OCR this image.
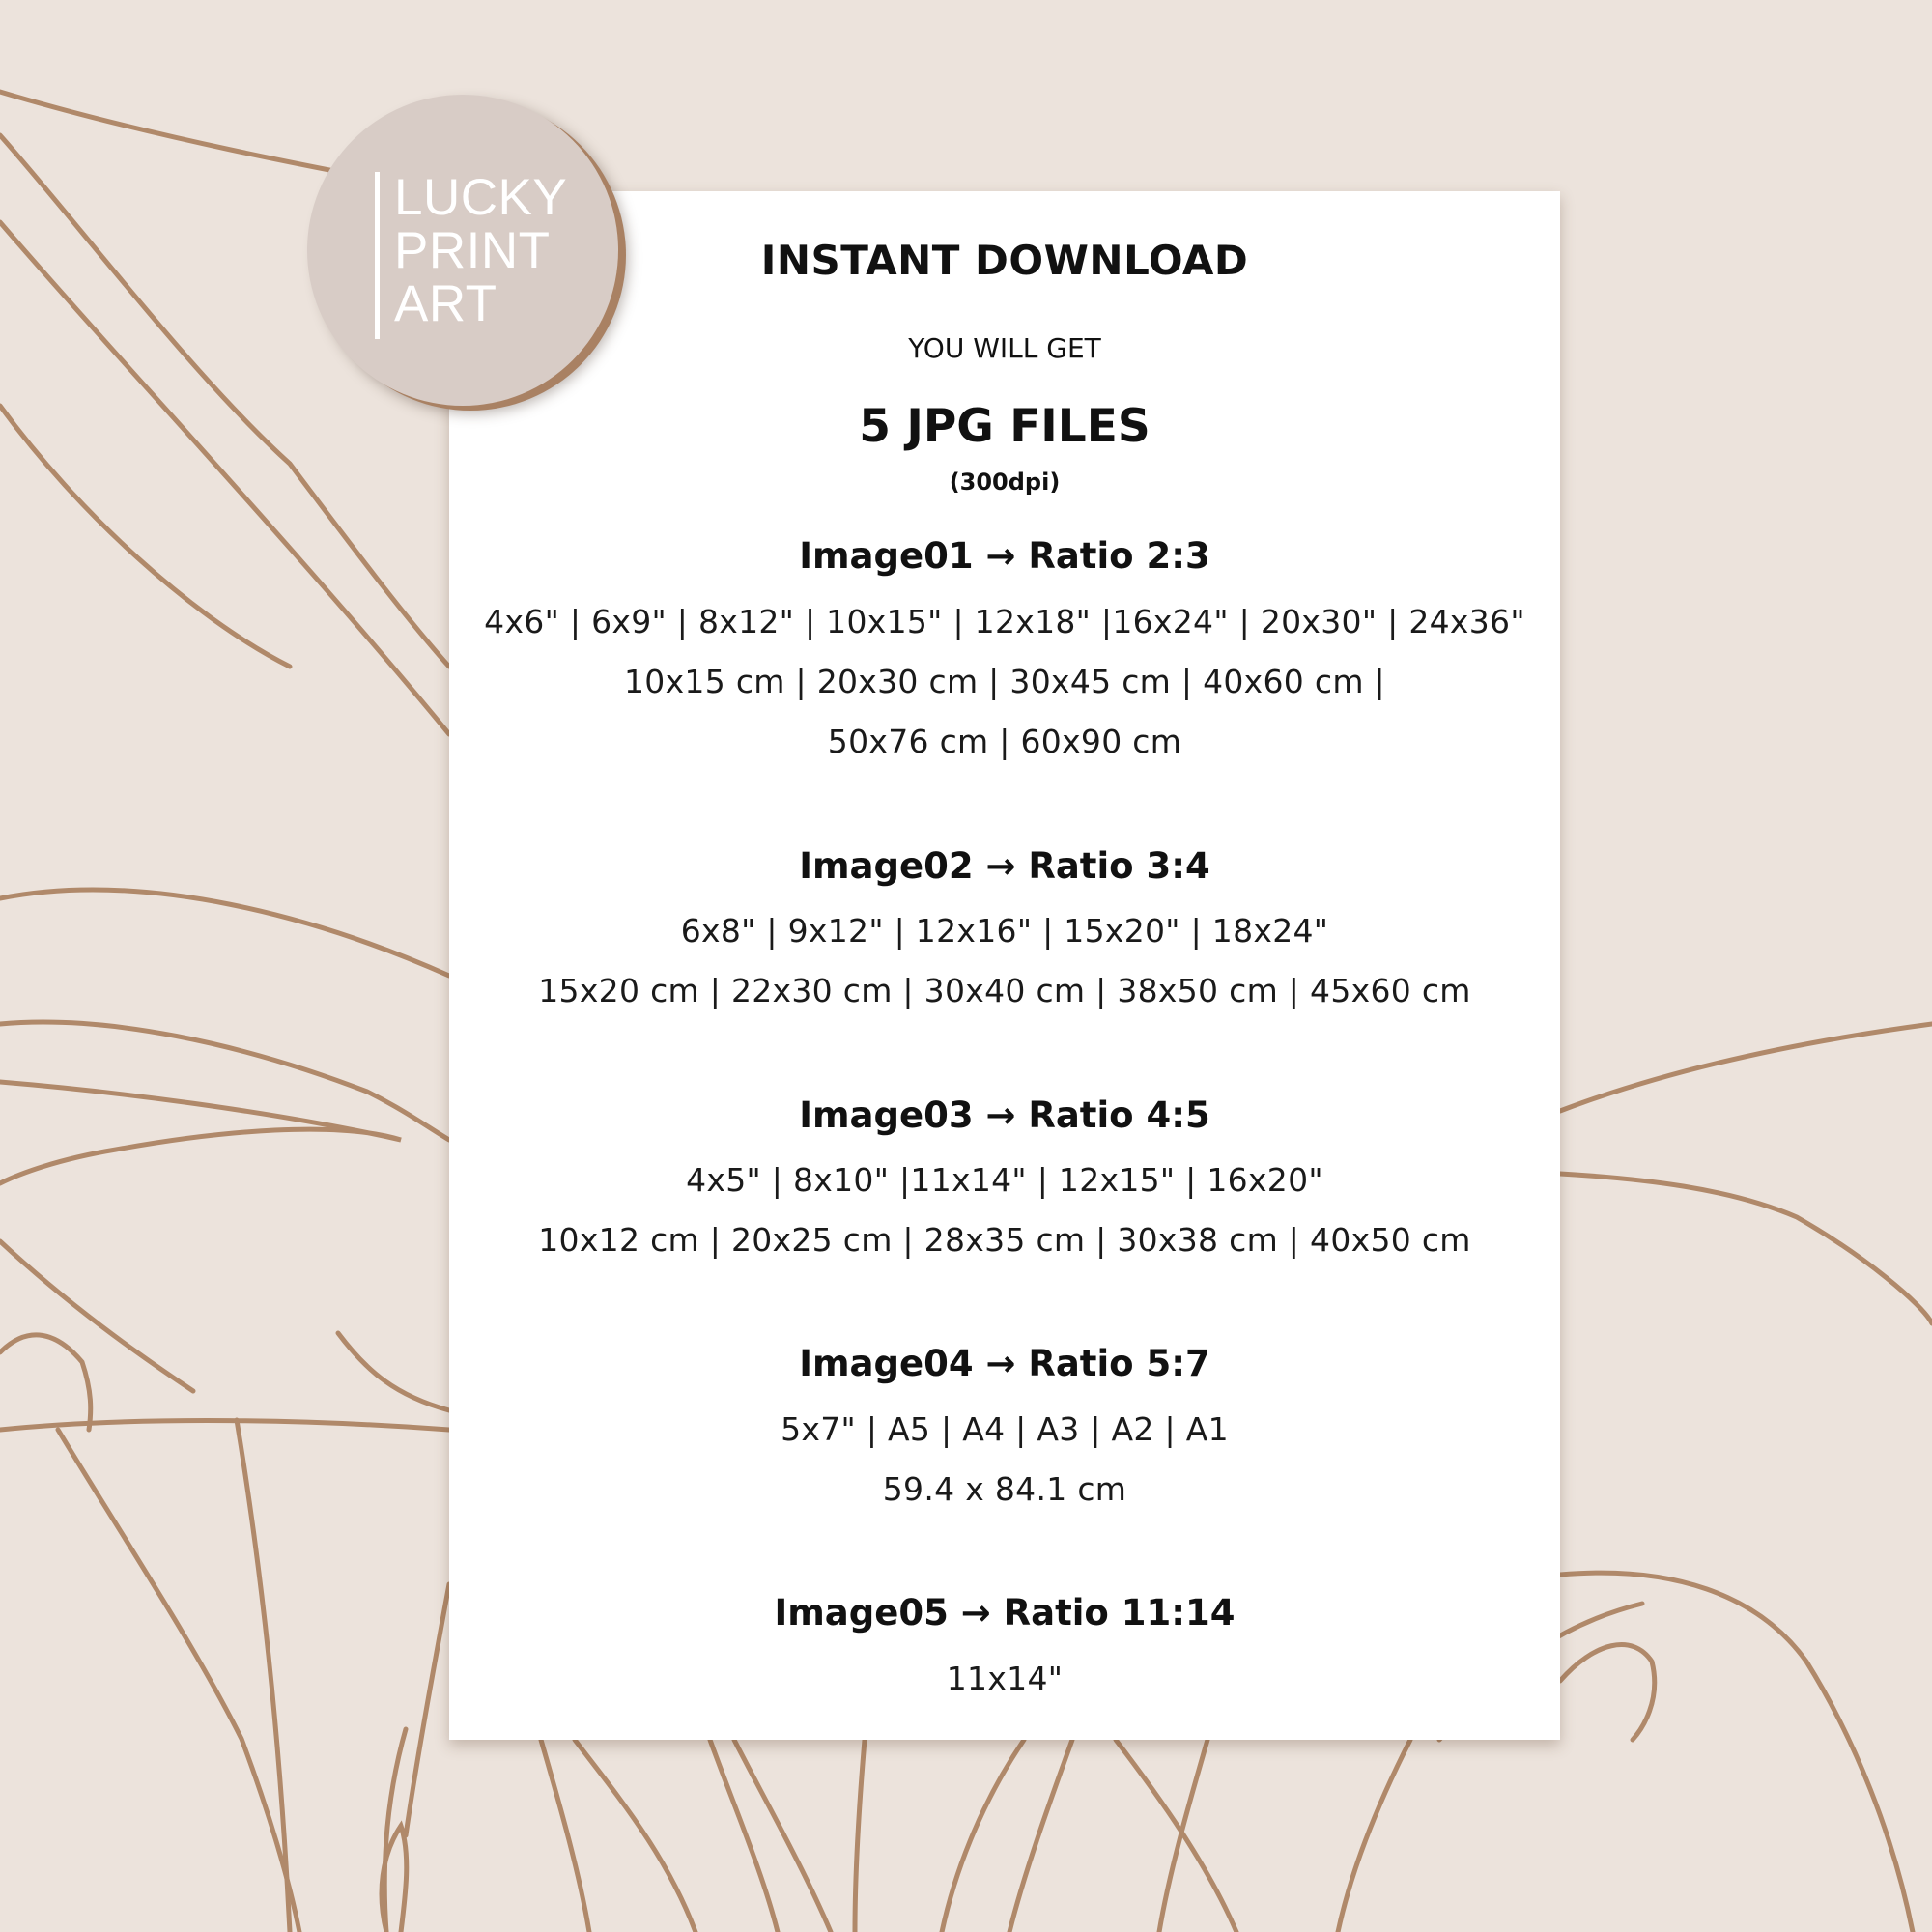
INSTANT DOWNLOAD
YOU WILL GET
5 JPG FILES
(300dpi)
Image01 → Ratio 2:3
4x6" | 6x9" | 8x12" | 10x15" | 12x18" |16x24" | 20x30" | 24x36"
10x15 cm | 20x30 cm | 30x45 cm | 40x60 cm |
50x76 cm | 60x90 cm
Image02 → Ratio 3:4
6x8" | 9x12" | 12x16" | 15x20" | 18x24"
15x20 cm | 22x30 cm | 30x40 cm | 38x50 cm | 45x60 cm
Image03 → Ratio 4:5
4x5" | 8x10" |11x14" | 12x15" | 16x20"
10x12 cm | 20x25 cm | 28x35 cm | 30x38 cm | 40x50 cm
Image04 → Ratio 5:7
5x7" | A5 | A4 | A3 | A2 | A1
59.4 x 84.1 cm
Image05 → Ratio 11:14
11x14"
LUCKY
PRINT
ART
